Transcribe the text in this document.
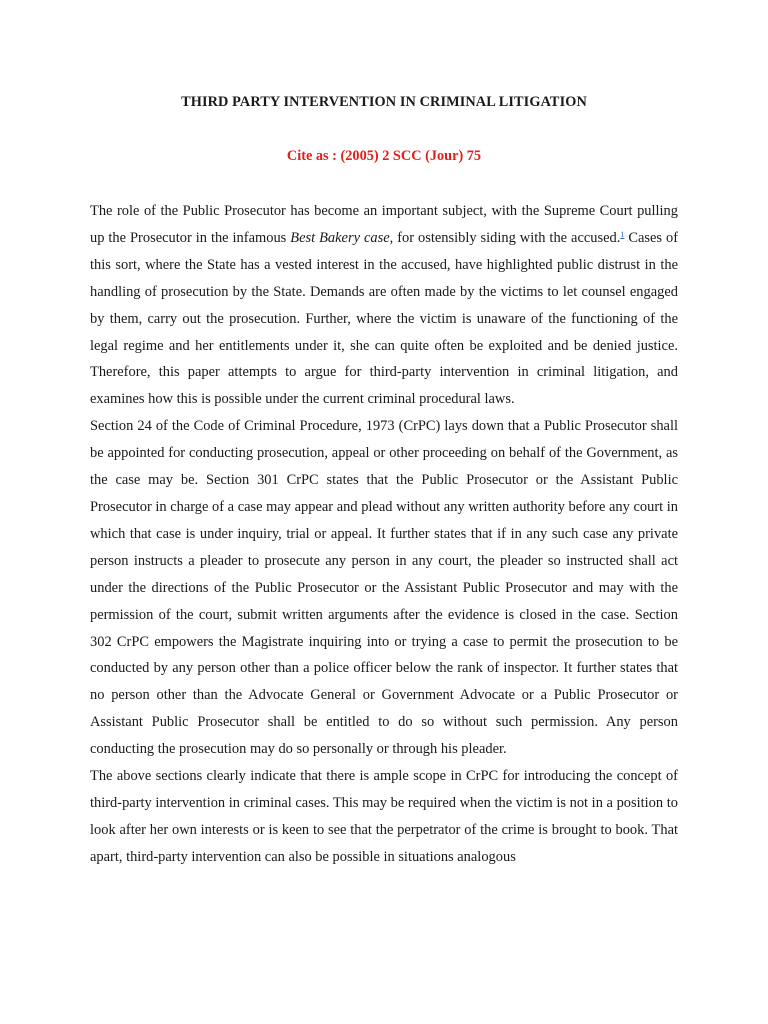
THIRD PARTY INTERVENTION IN CRIMINAL LITIGATION
Cite as : (2005) 2 SCC (Jour) 75

The role of the Public Prosecutor has become an important subject, with the Supreme Court pulling up the Prosecutor in the infamous Best Bakery case, for ostensibly siding with the accused.$^1$ Cases of this sort, where the State has a vested interest in the accused, have highlighted public distrust in the handling of prosecution by the State. Demands are often made by the victims to let counsel engaged by them, carry out the prosecution. Further, where the victim is unaware of the functioning of the legal regime and her entitlements under it, she can quite often be exploited and be denied justice. Therefore, this paper attempts to argue for third-party intervention in criminal litigation, and examines how this is possible under the current criminal procedural laws.

Section 24 of the Code of Criminal Procedure, 1973 (CrPC) lays down that a Public Prosecutor shall be appointed for conducting prosecution, appeal or other proceeding on behalf of the Government, as the case may be. Section 301 CrPC states that the Public Prosecutor or the Assistant Public Prosecutor in charge of a case may appear and plead without any written authority before any court in which that case is under inquiry, trial or appeal. It further states that if in any such case any private person instructs a pleader to prosecute any person in any court, the pleader so instructed shall act under the directions of the Public Prosecutor or the Assistant Public Prosecutor and may with the permission of the court, submit written arguments after the evidence is closed in the case. Section 302 CrPC empowers the Magistrate inquiring into or trying a case to permit the prosecution to be conducted by any person other than a police officer below the rank of inspector. It further states that no person other than the Advocate General or Government Advocate or a Public Prosecutor or Assistant Public Prosecutor shall be entitled to do so without such permission. Any person conducting the prosecution may do so personally or through his pleader.

The above sections clearly indicate that there is ample scope in CrPC for introducing the concept of third-party intervention in criminal cases. This may be required when the victim is not in a position to look after her own interests or is keen to see that the perpetrator of the crime is brought to book. That apart, third-party intervention can also be possible in situations analogous
